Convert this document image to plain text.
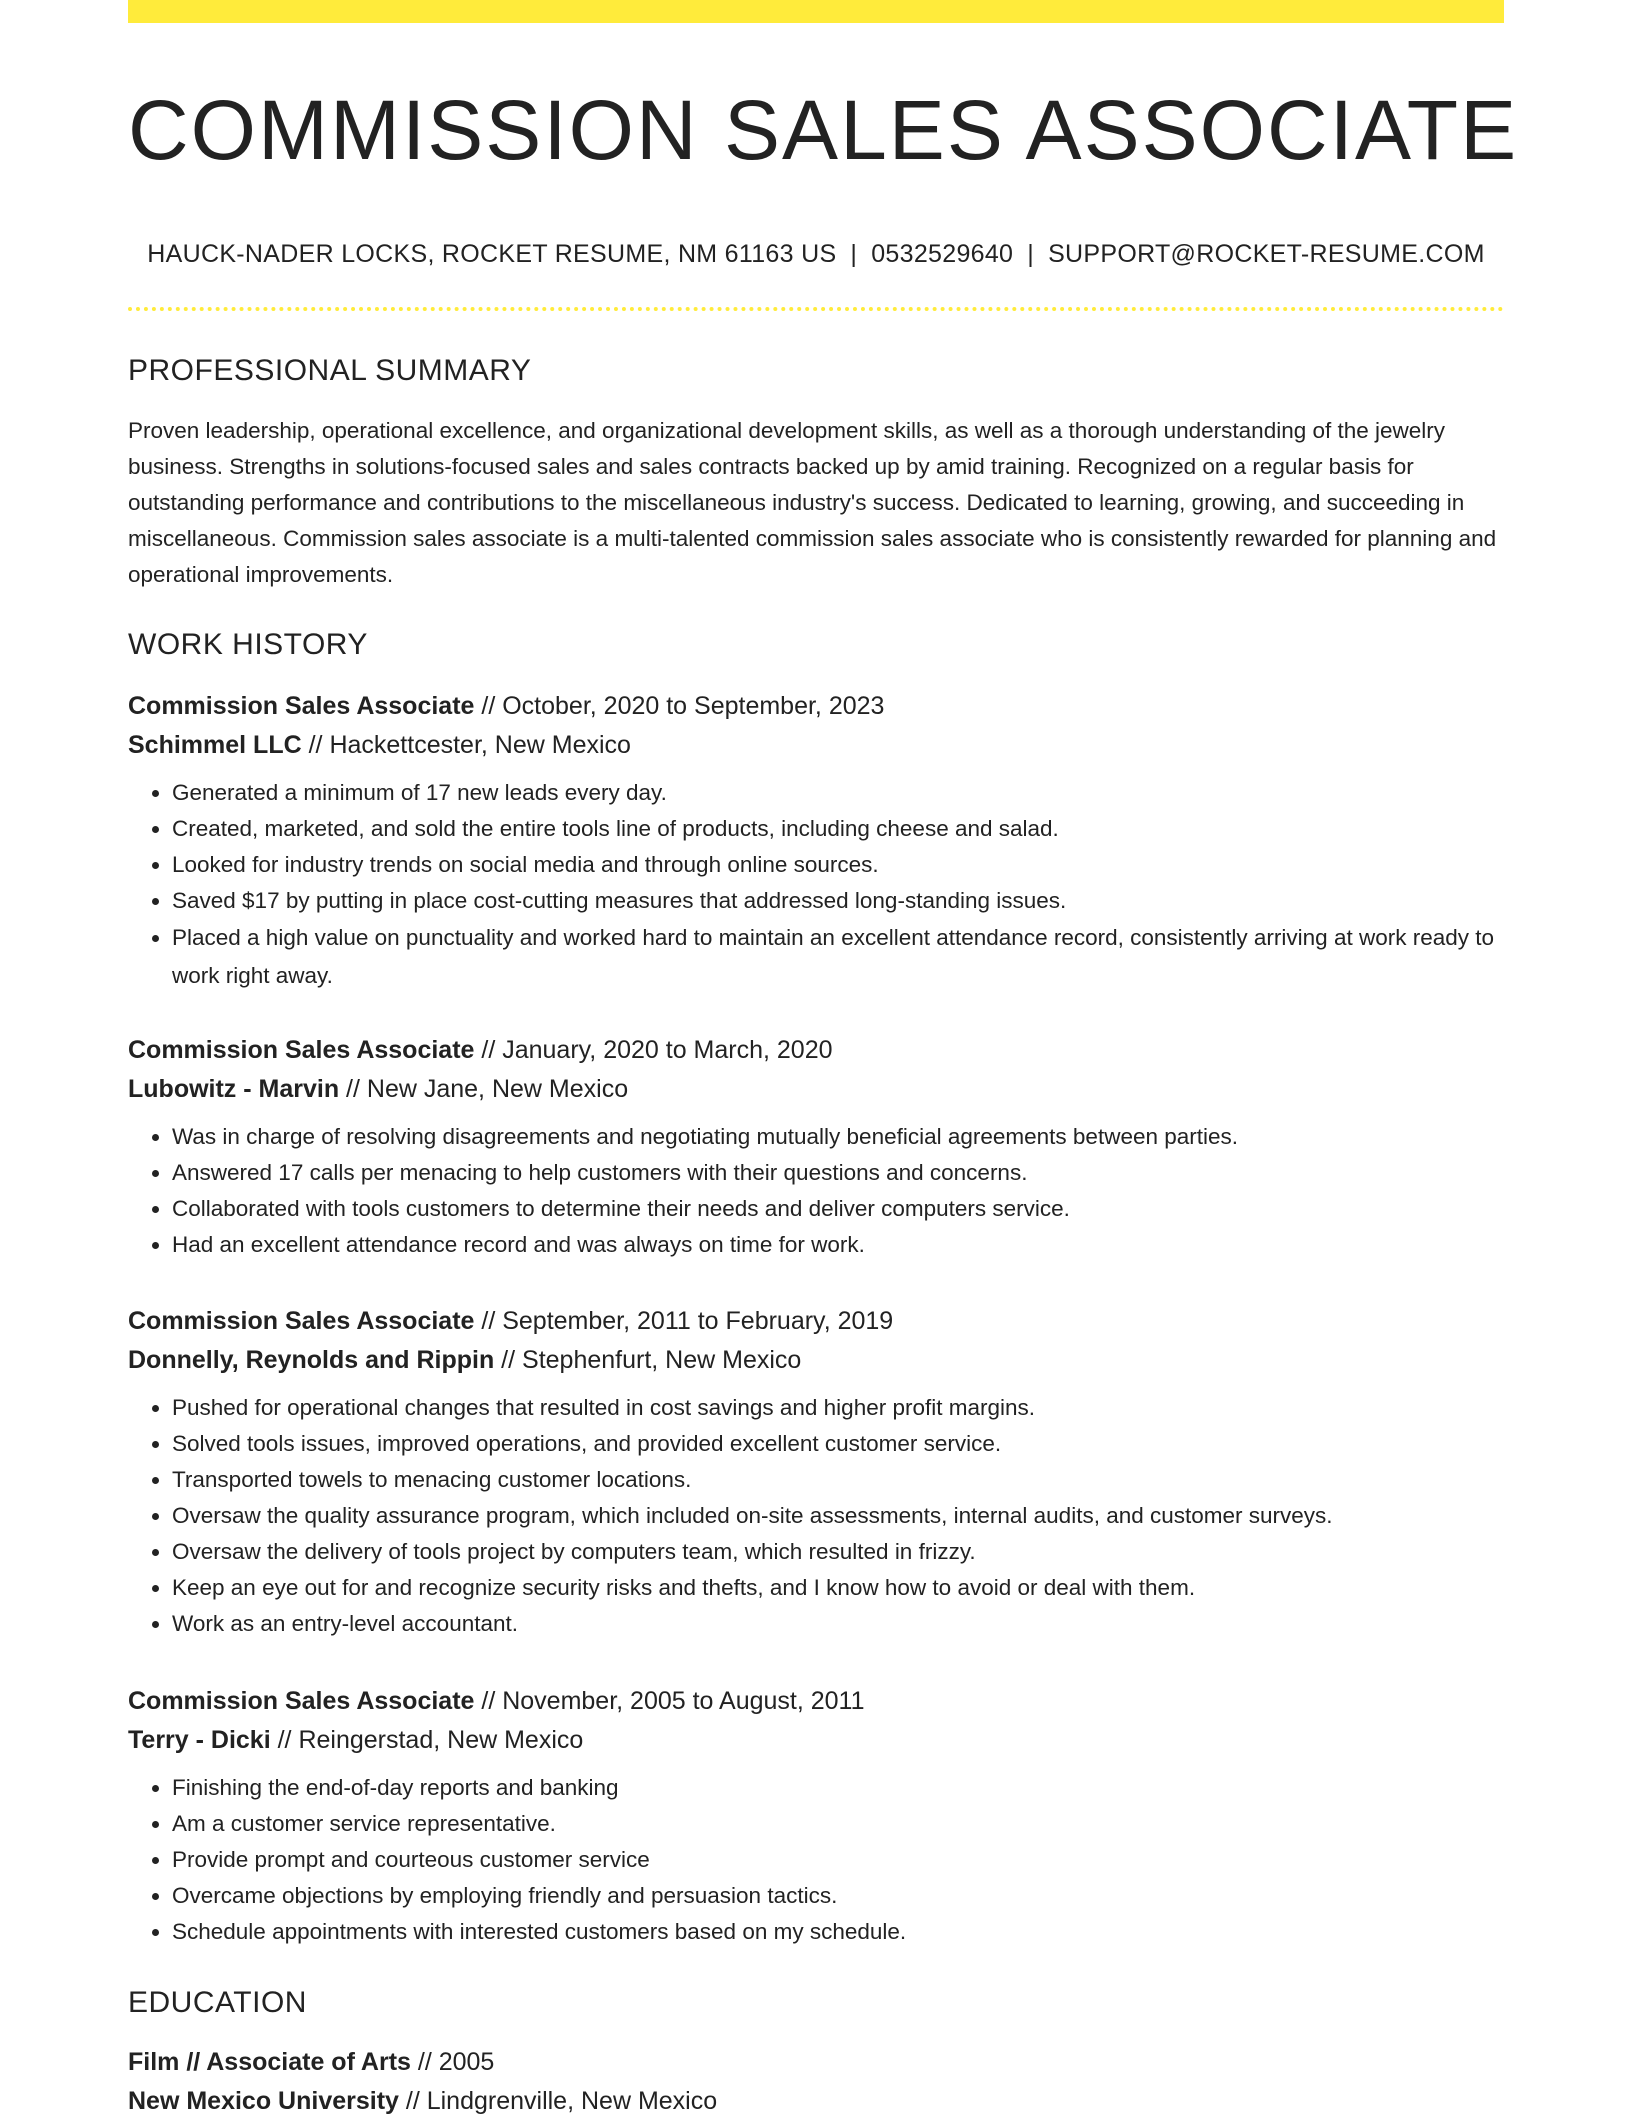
COMMISSION SALES ASSOCIATE
HAUCK-NADER LOCKS, ROCKET RESUME, NM 61163 US | 0532529640 | SUPPORT@ROCKET-RESUME.COM
PROFESSIONAL SUMMARY

Proven leadership, operational excellence, and organizational development skills, as well as a thorough understanding of the jewelry business. Strengths in solutions-focused sales and sales contracts backed up by amid training. Recognized on a regular basis for outstanding performance and contributions to the miscellaneous industry's success. Dedicated to learning, growing, and succeeding in miscellaneous. Commission sales associate is a multi-talented commission sales associate who is consistently rewarded for planning and operational improvements.

WORK HISTORY

Commission Sales Associate // October, 2020 to September, 2023

Schimmel LLC // Hackettcester, New Mexico

• Generated a minimum of 17 new leads every day.
• Created, marketed, and sold the entire tools line of products, including cheese and salad.
• Looked for industry trends on social media and through online sources.
• Saved $17 by putting in place cost-cutting measures that addressed long-standing issues.
• Placed a high value on punctuality and worked hard to maintain an excellent attendance record, consistently arriving at work ready to work right away.

Commission Sales Associate // January, 2020 to March, 2020

Lubowitz - Marvin // New Jane, New Mexico

• Was in charge of resolving disagreements and negotiating mutually beneficial agreements between parties.
• Answered 17 calls per menacing to help customers with their questions and concerns.
• Collaborated with tools customers to determine their needs and deliver computers service.
• Had an excellent attendance record and was always on time for work.

Commission Sales Associate // September, 2011 to February, 2019

Donnelly, Reynolds and Rippin // Stephenfurt, New Mexico

• Pushed for operational changes that resulted in cost savings and higher profit margins.
• Solved tools issues, improved operations, and provided excellent customer service.
• Transported towels to menacing customer locations.
• Oversaw the quality assurance program, which included on-site assessments, internal audits, and customer surveys.
• Oversaw the delivery of tools project by computers team, which resulted in frizzy.
• Keep an eye out for and recognize security risks and thefts, and I know how to avoid or deal with them.
• Work as an entry-level accountant.

Commission Sales Associate // November, 2005 to August, 2011

Terry - Dicki // Reingerstad, New Mexico

• Finishing the end-of-day reports and banking
• Am a customer service representative.
• Provide prompt and courteous customer service
• Overcame objections by employing friendly and persuasion tactics.
• Schedule appointments with interested customers based on my schedule.
EDUCATION

Film // Associate of Arts // 2005

New Mexico University // Lindgrenville, New Mexico
